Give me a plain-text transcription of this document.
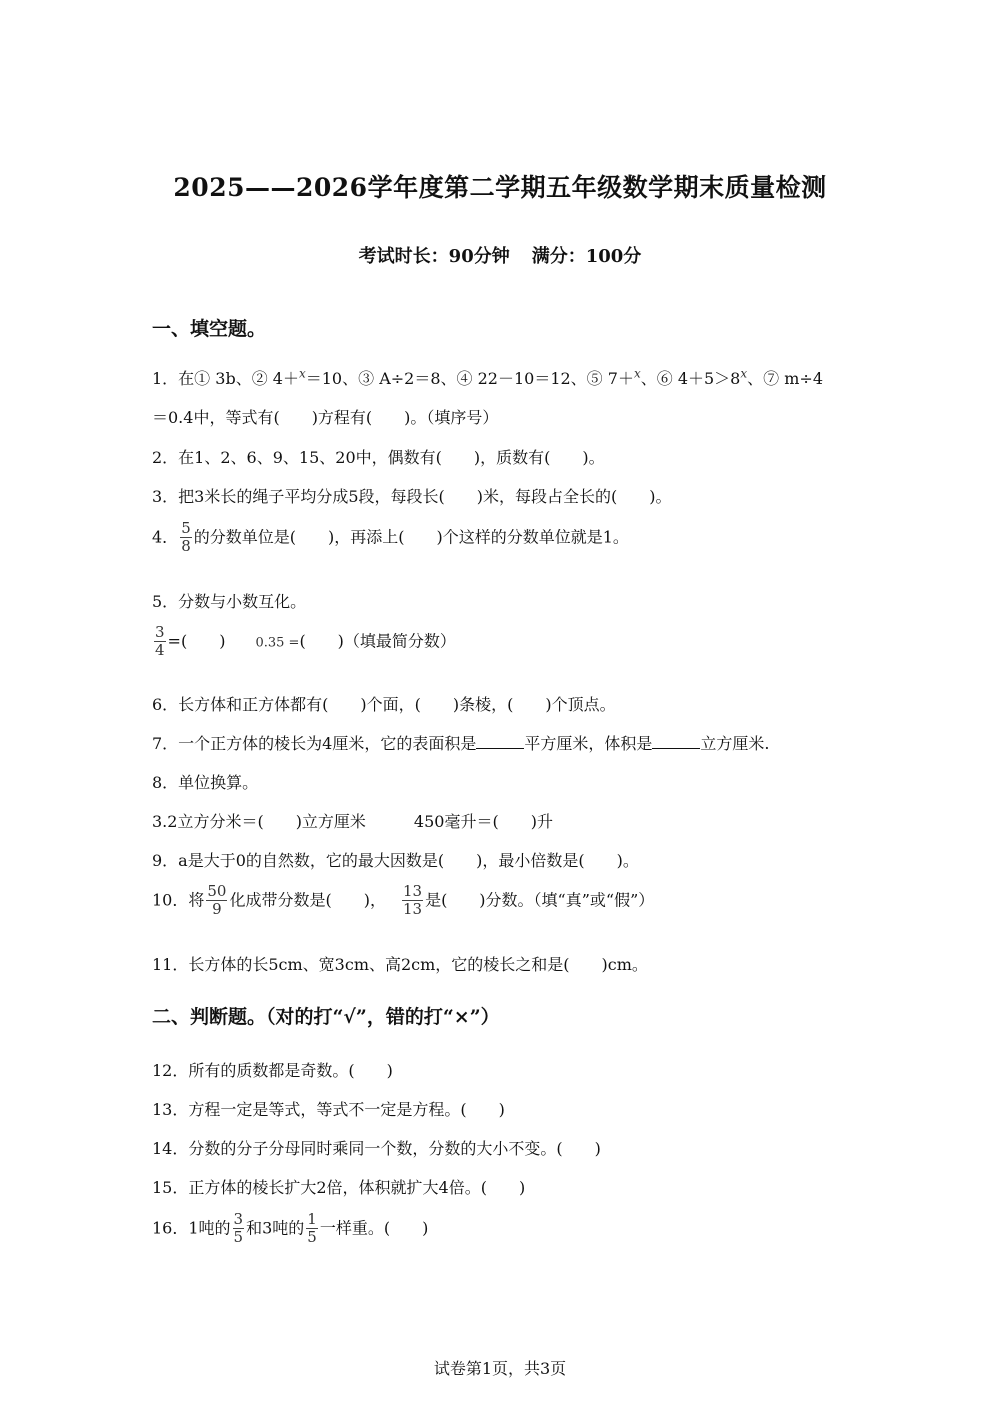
2025——2026学年度第二学期五年级数学期末质量检测
考试时长：90分钟 满分：100分
一、填空题。
1．在① 3b、② 4＋$^x$＝10、③ A÷2＝8、④ 22－10＝12、⑤ 7＋$^x$、⑥ $4+5>8^x$、⑦ m÷4
＝0.4中，等式有(　　)方程有(　　)。（填序号）
2．在1、2、6、9、15、20中，偶数有(　　)，质数有(　　)。
3．把3米长的绳子平均分成5段，每段长(　　)米，每段占全长的(　　)。
4． $\frac{5}{8}$ 的分数单位是(　　)，再添上(　　)个这样的分数单位就是1。
5．分数与小数互化。
$\frac{3}{4}$ =(　　) 0.35 =(　　)（填最简分数）
6．长方体和正方体都有(　　)个面，(　　)条棱，(　　)个顶点。
7．一个正方体的棱长为4厘米，它的表面积是	平方厘米，体积是	立方厘米.
8．单位换算。
3.2立方分米＝(　　)立方厘米　　　450毫升＝(　　)升
9．a是大于0的自然数，它的最大因数是(　　)，最小倍数是(　　)。
10．将 $\frac{50}{9}$ 化成带分数是(　　)， $\frac{13}{13}$ 是(　　)分数。（填“真”或“假”）
11．长方体的长5cm、宽3cm、高2cm，它的棱长之和是(　　)cm。
二、判断题。（对的打“√”，错的打“×”）
12．所有的质数都是奇数。(　　)
13．方程一定是等式，等式不一定是方程。(　　)
14．分数的分子分母同时乘同一个数，分数的大小不变。(　　)
15．正方体的棱长扩大2倍，体积就扩大4倍。(　　)
16．1吨的 $\frac{3}{5}$ 和3吨的 $\frac{1}{5}$ 一样重。(　　)
试卷第1页，共3页
